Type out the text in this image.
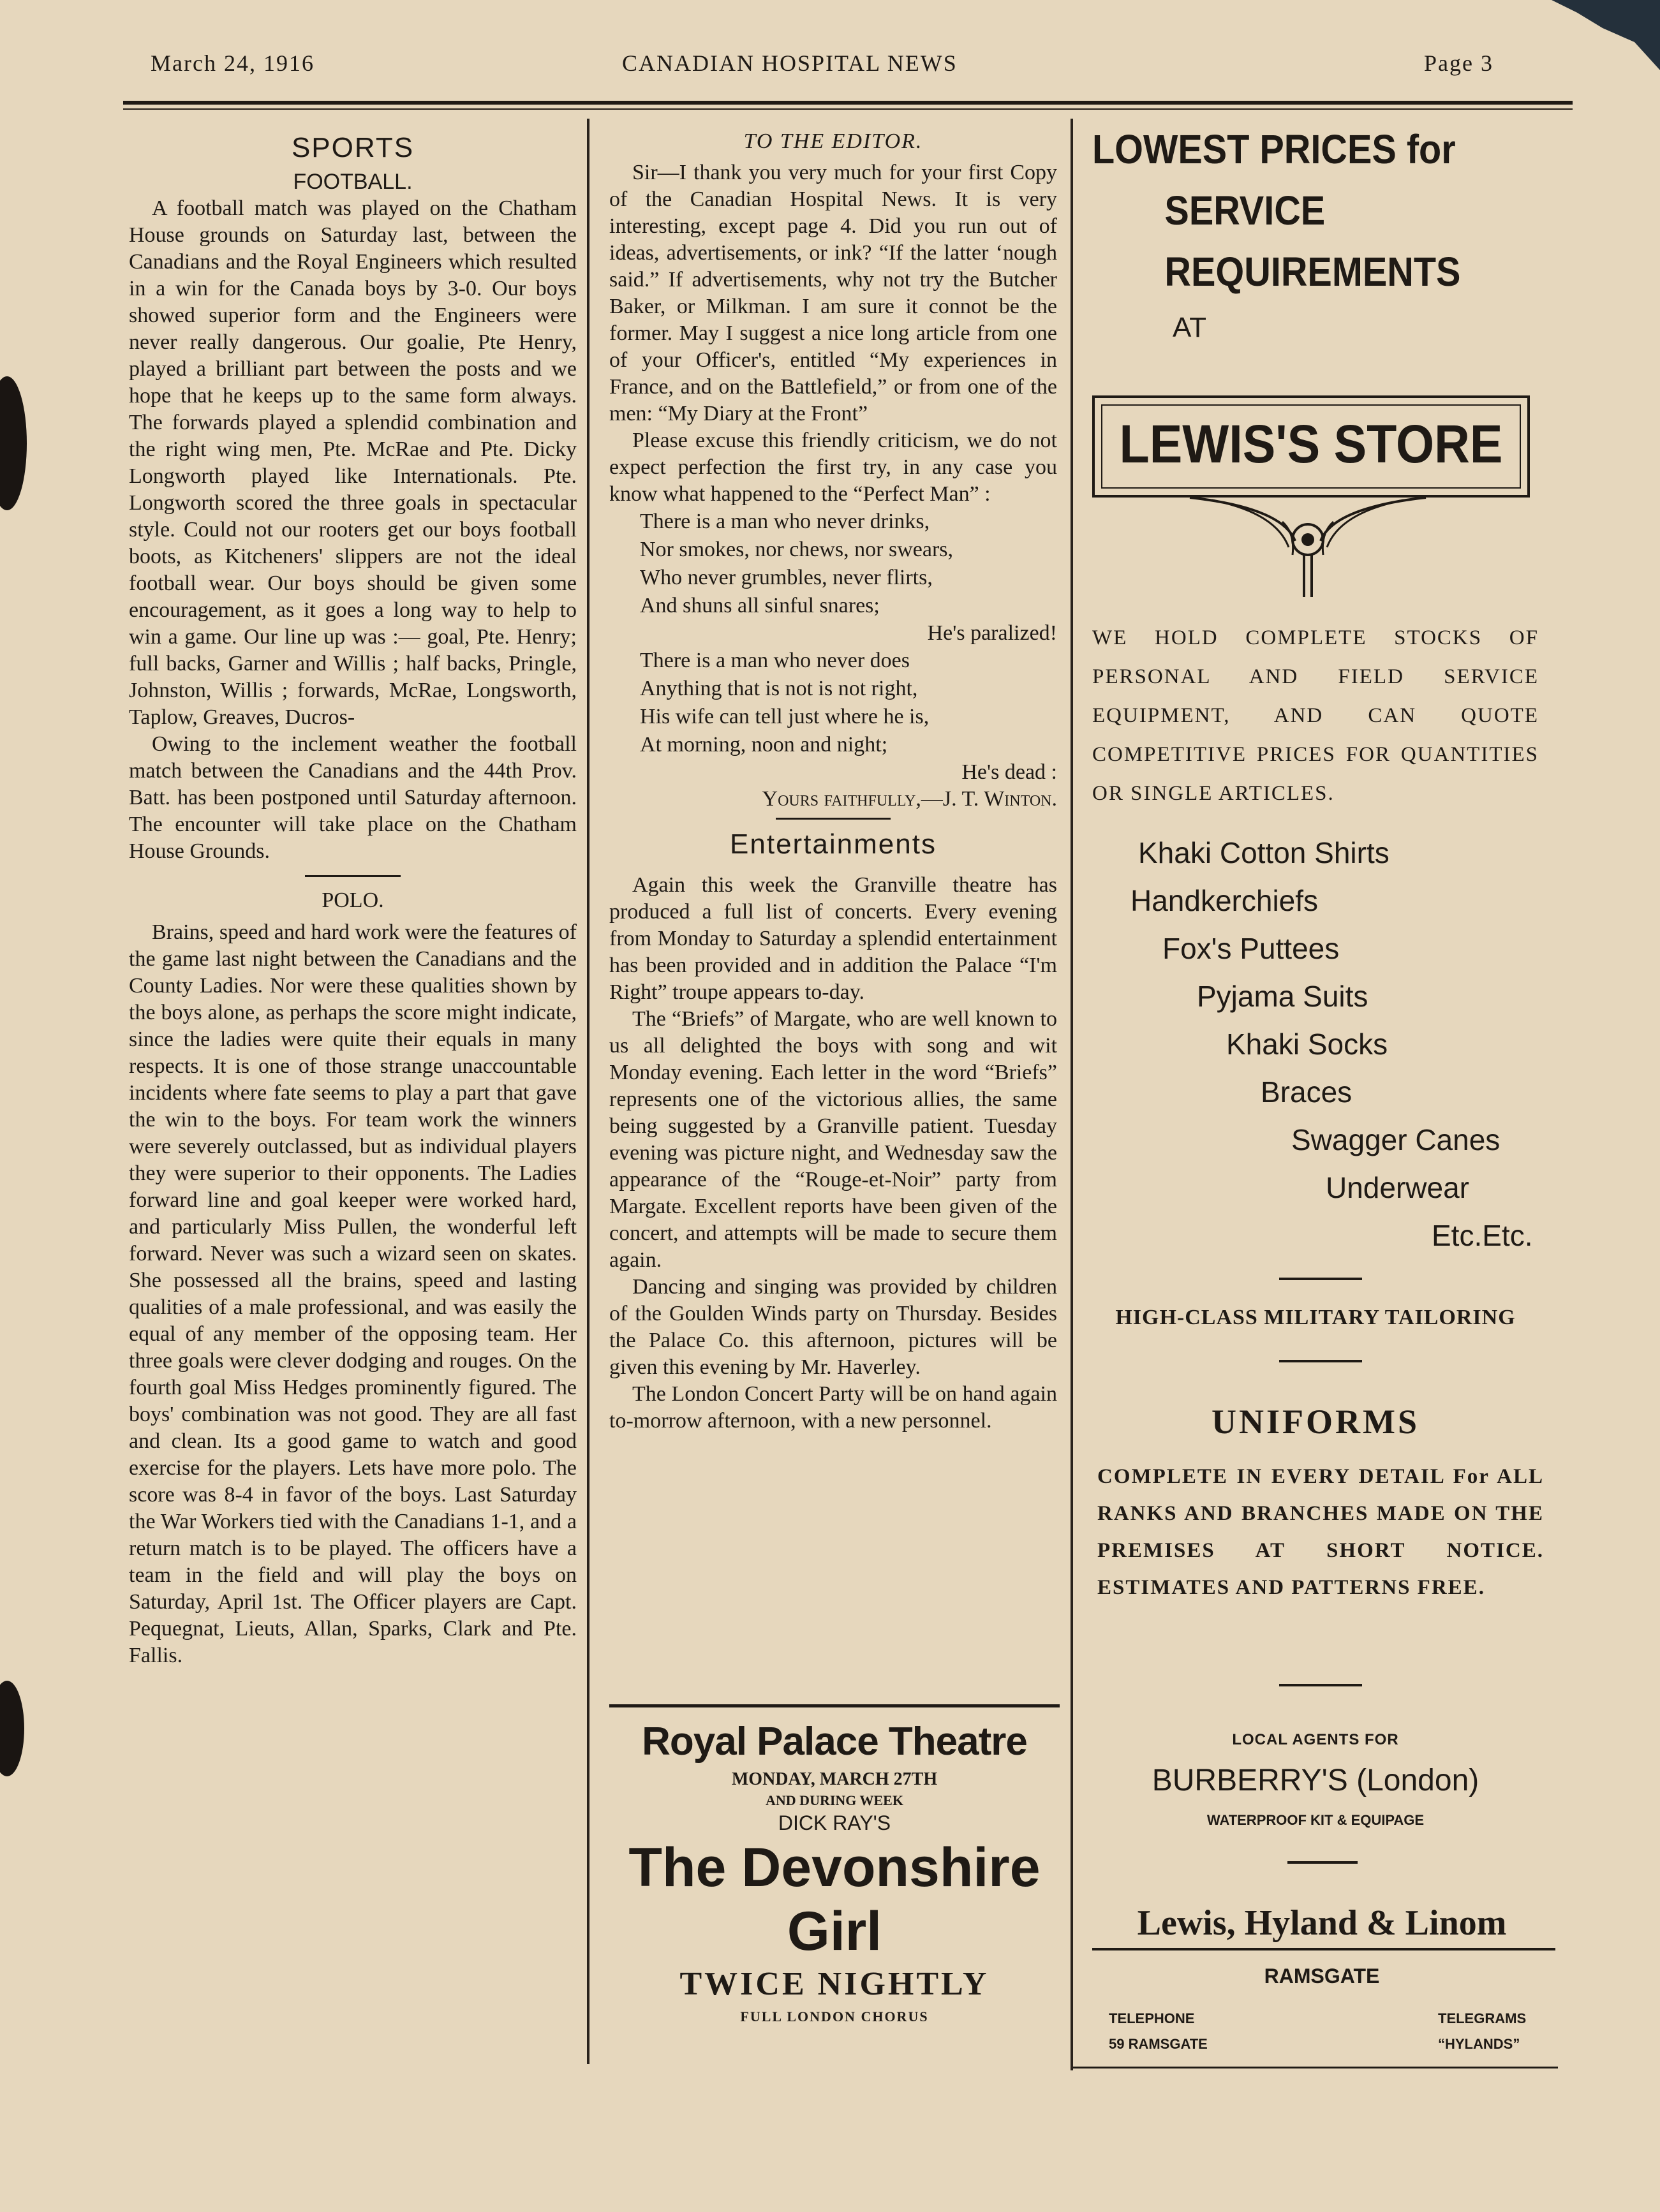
March 24, 1916	CANADIAN HOSPITAL NEWS	Page 3
SPORTS
FOOTBALL.

A football match was played on the Chatham House grounds on Saturday last, between the Canadians and the Royal Engineers which resulted in a win for the Canada boys by 3-0. Our boys showed superior form and the Engineers were never really dangerous. Our goalie, Pte Henry, played a brilliant part between the posts and we hope that he keeps up to the same form always. The forwards played a splendid combination and the right wing men, Pte. McRae and Pte. Dicky Longworth played like Internationals. Pte. Longworth scored the three goals in spectacular style. Could not our rooters get our boys football boots, as Kitcheners' slippers are not the ideal football wear. Our boys should be given some encouragement, as it goes a long way to help to win a game. Our line up was :— goal, Pte. Henry; full backs, Garner and Willis ; half backs, Pringle, Johnston, Willis ; forwards, McRae, Longsworth, Taplow, Greaves, Ducros-

Owing to the inclement weather the football match between the Canadians and the 44th Prov. Batt. has been postponed until Saturday afternoon. The encounter will take place on the Chatham House Grounds.

POLO.

Brains, speed and hard work were the features of the game last night between the Canadians and the County Ladies. Nor were these qualities shown by the boys alone, as perhaps the score might indicate, since the ladies were quite their equals in many respects. It is one of those strange unaccountable incidents where fate seems to play a part that gave the win to the boys. For team work the winners were severely outclassed, but as individual players they were superior to their opponents. The Ladies forward line and goal keeper were worked hard, and particularly Miss Pullen, the wonderful left forward. Never was such a wizard seen on skates. She possessed all the brains, speed and lasting qualities of a male professional, and was easily the equal of any member of the opposing team. Her three goals were clever dodging and rouges. On the fourth goal Miss Hedges prominently figured. The boys' combination was not good. They are all fast and clean. Its a good game to watch and good exercise for the players. Lets have more polo. The score was 8-4 in favor of the boys. Last Saturday the War Workers tied with the Canadians 1-1, and a return match is to be played. The officers have a team in the field and will play the boys on Saturday, April 1st. The Officer players are Capt. Pequegnat, Lieuts, Allan, Sparks, Clark and Pte. Fallis.

TO THE EDITOR.

Sir—I thank you very much for your first Copy of the Canadian Hospital News. It is very interesting, except page 4. Did you run out of ideas, advertisements, or ink? “If the latter ‘nough said.” If advertisements, why not try the Butcher Baker, or Milkman. I am sure it connot be the former. May I suggest a nice long article from one of your Officer's, entitled “My experiences in France, and on the Battlefield,” or from one of the men: “My Diary at the Front”

Please excuse this friendly criticism, we do not expect perfection the first try, in any case you know what happened to the “Perfect Man” :

There is a man who never drinks,
Nor smokes, nor chews, nor swears,
Who never grumbles, never flirts,
And shuns all sinful snares;
He's paralized!
There is a man who never does
Anything that is not is not right,
His wife can tell just where he is,
At morning, noon and night;
He's dead :
Yours faithfully,—J. T. Winton.
Entertainments

Again this week the Granville theatre has produced a full list of concerts. Every evening from Monday to Saturday a splendid entertainment has been provided and in addition the Palace “I'm Right” troupe appears to-day.

The “Briefs” of Margate, who are well known to us all delighted the boys with song and wit Monday evening. Each letter in the word “Briefs” represents one of the victorious allies, the same being suggested by a Granville patient. Tuesday evening was picture night, and Wednesday saw the appearance of the “Rouge-et-Noir” party from Margate. Excellent reports have been given of the concert, and attempts will be made to secure them again.

Dancing and singing was provided by children of the Goulden Winds party on Thursday. Besides the Palace Co. this afternoon, pictures will be given this evening by Mr. Haverley.

The London Concert Party will be on hand again to-morrow afternoon, with a new personnel.

Royal Palace Theatre
MONDAY, MARCH 27TH
AND DURING WEEK
DICK RAY'S
The Devonshire
Girl
TWICE NIGHTLY
FULL LONDON CHORUS
LOWEST PRICES for
SERVICE
REQUIREMENTS
AT
LEWIS'S STORE
WE HOLD COMPLETE STOCKS OF PERSONAL AND FIELD SERVICE EQUIPMENT, AND CAN QUOTE COMPETITIVE PRICES FOR QUANTITIES OR SINGLE ARTICLES.
Khaki Cotton Shirts
Handkerchiefs
Fox's Puttees
Pyjama Suits
Khaki Socks
Braces
Swagger Canes
Underwear
Etc.Etc.
HIGH-CLASS MILITARY TAILORING
UNIFORMS
COMPLETE IN EVERY DETAIL For ALL RANKS AND BRANCHES MADE ON THE PREMISES AT SHORT NOTICE. ESTIMATES AND PATTERNS FREE.
LOCAL AGENTS FOR
BURBERRY'S (London)
WATERPROOF KIT & EQUIPAGE
Lewis, Hyland & Linom
RAMSGATE
TELEPHONE
59 RAMSGATE
TELEGRAMS
“HYLANDS”
